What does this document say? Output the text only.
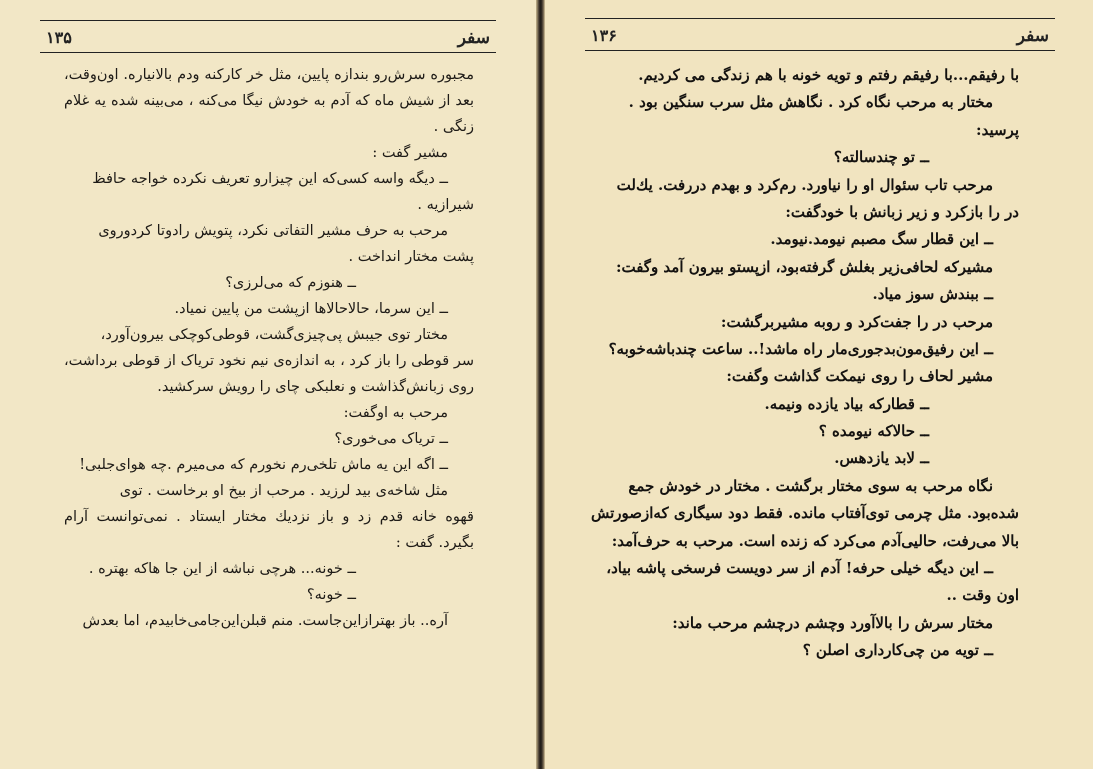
سفر
۱۳۵
مجبوره سرش‌رو بندازه پایین، مثل خر کارکنه ودم بالانیاره. اون‌وقت،
بعد از شیش ماه که آدم به خودش نیگا می‌کنه ، می‌بینه شده یه غلام
زنگی .
مشیر گفت :
ــ دیگه واسه کسی‌که این چیزارو تعریف نکرده خواجه حافظ
شیرازیه .
مرحب به حرف مشیر التفاتی نکرد، پتویش رادوتا کردوروی
پشت مختار انداخت .
ــ هنوزم که می‌لرزی؟
ــ این سرما، حالاحالاها ازپشت من پایین نمیاد.
مختار توی جیبش پی‌چیزی‌گشت، قوطی‌کوچکی بیرون‌آورد،
سر قوطی را باز کرد ، به اندازه‌ی نیم نخود تریاک از قوطی برداشت،
روی زبانش‌گذاشت و نعلبکی چای را رویش سرکشید.
مرحب به اوگفت:
ــ تریاک می‌خوری؟
ــ اگه این یه ماش تلخی‌رم نخورم که می‌میرم .چه هوای‌جلبی!
مثل شاخه‌ی بید لرزید . مرحب از بیخ او برخاست . توی
قهوه خانه قدم زد و باز نزدیك مختار ایستاد . نمی‌توانست آرام
بگیرد. گفت :
ــ خونه... هرچی نباشه از این جا هاکه بهتره .
ــ خونه؟
آره.. باز بهترازاین‌جاست. منم قبلن‌این‌جامی‌خابیدم، اما بعدش
سفر
۱۳۶
با رفیقم...با رفیقم رفتم و تویه خونه با هم زندگی می کردیم.
مختار به مرحب نگاه کرد . نگاهش مثل سرب سنگین بود .
پرسید:
ــ تو چندسالته؟
مرحب تاب سئوال او را نیاورد. رم‌کرد و بهدم دررفت. یك‌لت
در را بازکرد و زیر زبانش با خودگفت:
ــ این قطار سگ مصبم نیومد.نیومد.
مشیرکه لحافی‌زیر بغلش گرفته‌بود، ازپستو بیرون آمد وگفت:
ــ ببندش سوز میاد.
مرحب در را جفت‌کرد و روبه مشیربرگشت:
ــ این رفیق‌مون‌بدجوری‌مار راه ماشد!.. ساعت چندباشه‌خوبه؟
مشیر لحاف را روی نیمکت گذاشت وگفت:
ــ قطارکه بیاد یازده ونیمه.
ــ حالاکه نیومده ؟
ــ لابد یازدهس.
نگاه مرحب به سوی مختار برگشت . مختار در خودش جمع
شده‌بود. مثل چرمی توی‌آفتاب مانده. فقط دود سیگاری که‌ازصورتش
بالا می‌رفت، حالیی‌آدم می‌کرد که زنده است. مرحب به حرف‌آمد:
ــ این دیگه خیلی حرفه! آدم از سر دویست فرسخی پاشه بیاد،
اون وقت ..
مختار سرش را بالاآورد وچشم درچشم مرحب ماند:
ــ تویه من چی‌کارداری اصلن ؟
